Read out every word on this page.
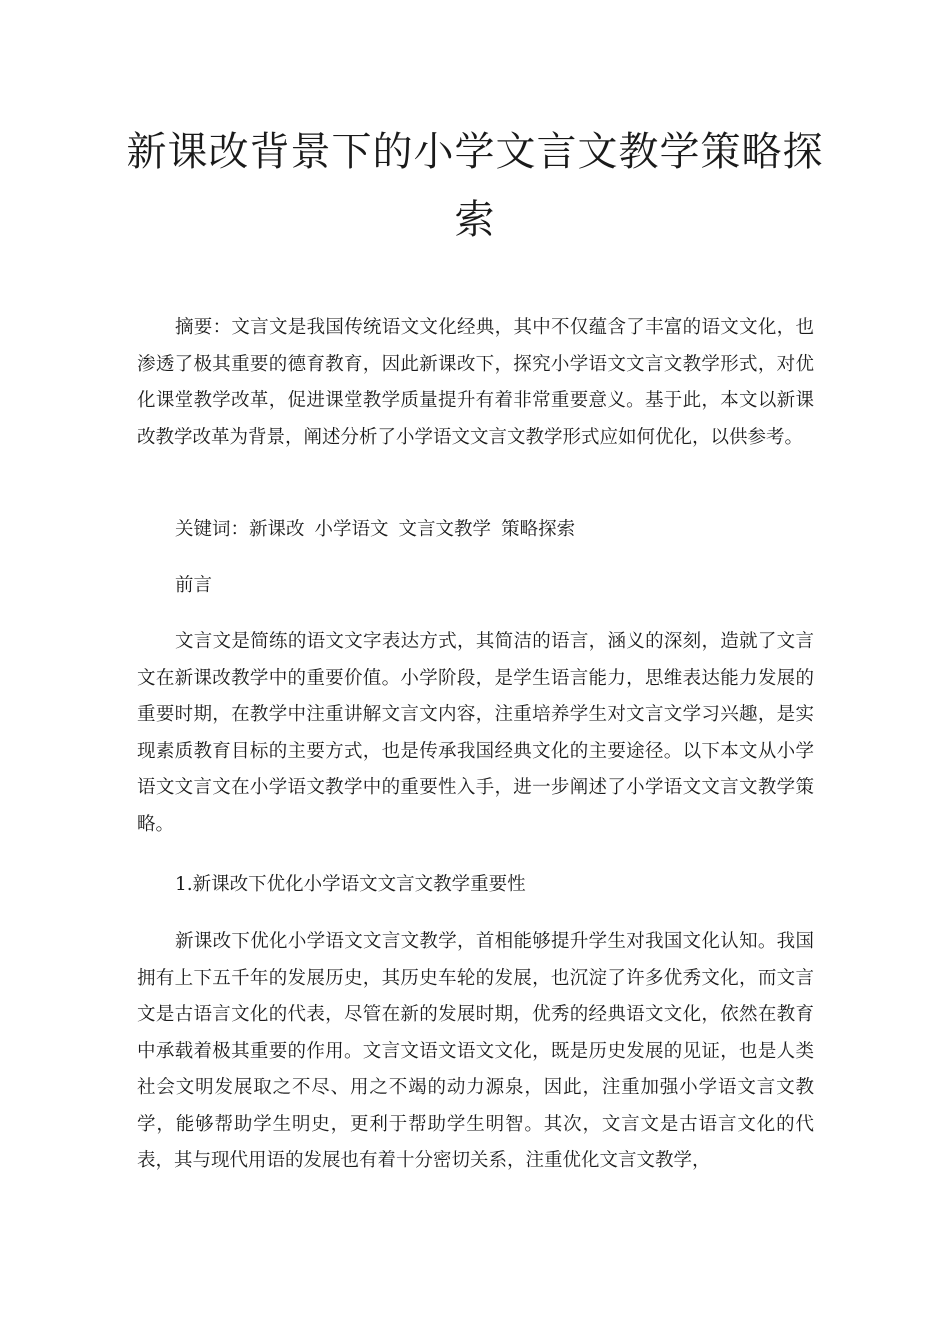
新课改背景下的小学文言文教学策略探
索

摘要：文言文是我国传统语文文化经典，其中不仅蕴含了丰富的语文文化，也渗透了极其重要的德育教育，因此新课改下，探究小学语文文言文教学形式，对优化课堂教学改革，促进课堂教学质量提升有着非常重要意义。基于此，本文以新课改教学改革为背景，阐述分析了小学语文文言文教学形式应如何优化，以供参考。

关键词：新课改 小学语文 文言文教学 策略探索

前言

文言文是简练的语文文字表达方式，其简洁的语言，涵义的深刻，造就了文言文在新课改教学中的重要价值。小学阶段，是学生语言能力，思维表达能力发展的重要时期，在教学中注重讲解文言文内容，注重培养学生对文言文学习兴趣，是实现素质教育目标的主要方式，也是传承我国经典文化的主要途径。以下本文从小学语文文言文在小学语文教学中的重要性入手，进一步阐述了小学语文文言文教学策略。

1.新课改下优化小学语文文言文教学重要性

新课改下优化小学语文文言文教学，首相能够提升学生对我国文化认知。我国拥有上下五千年的发展历史，其历史车轮的发展，也沉淀了许多优秀文化，而文言文是古语言文化的代表，尽管在新的发展时期，优秀的经典语文文化，依然在教育中承载着极其重要的作用。文言文语文语文文化，既是历史发展的见证，也是人类社会文明发展取之不尽、用之不竭的动力源泉，因此，注重加强小学语文言文教学，能够帮助学生明史，更利于帮助学生明智。其次，文言文是古语言文化的代表，其与现代用语的发展也有着十分密切关系，注重优化文言文教学，
